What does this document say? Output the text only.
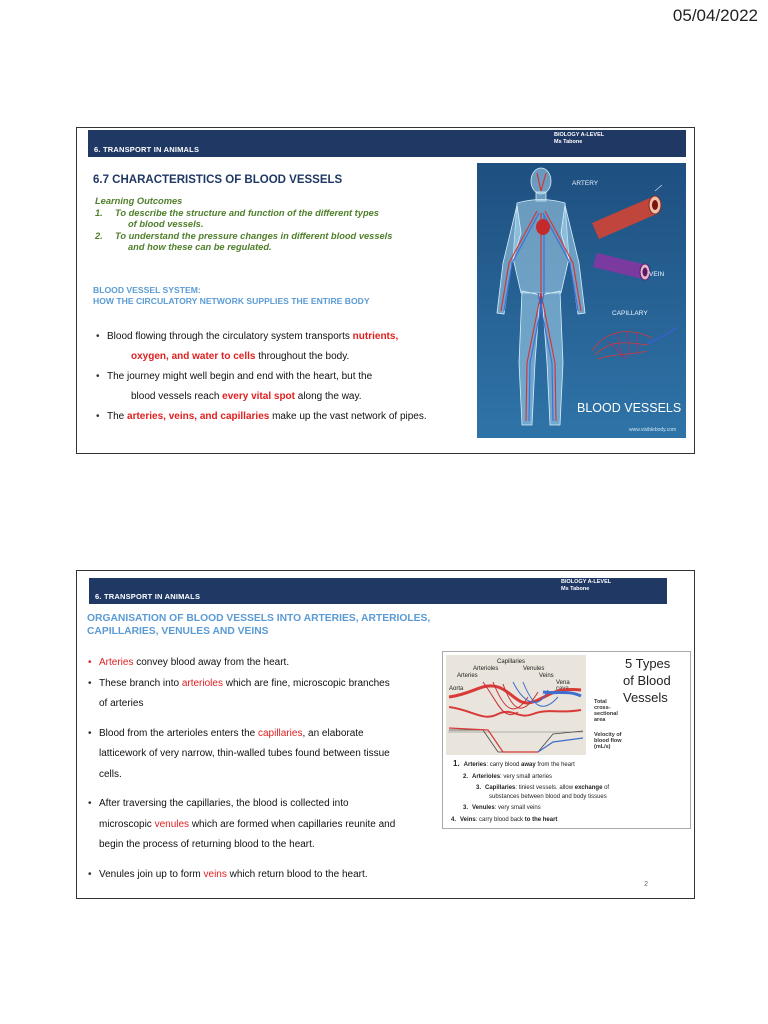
05/04/2022
6. TRANSPORT IN ANIMALS
BIOLOGY A-LEVEL
Ms Tabone
6.7 CHARACTERISTICS OF BLOOD VESSELS
Learning Outcomes
1.	To describe the structure and function of the different types
of blood vessels.
2.	To understand the pressure changes in different blood vessels
and how these can be regulated.
BLOOD VESSEL SYSTEM:
HOW THE CIRCULATORY NETWORK SUPPLIES THE ENTIRE BODY
• Blood flowing through the circulatory system transports nutrients,
oxygen, and water to cells throughout the body.
• The journey might well begin and end with the heart, but the
blood vessels reach every vital spot along the way.
• The arteries, veins, and capillaries make up the vast network of pipes.
ARTERY
VEIN
CAPILLARY
BLOOD VESSELS
www.visiblebody.com
6. TRANSPORT IN ANIMALS
BIOLOGY A-LEVEL
Ms Tabone
ORGANISATION OF BLOOD VESSELS INTO ARTERIES, ARTERIOLES,
CAPILLARIES, VENULES AND VEINS
• Arteries convey blood away from the heart.
• These branch into arterioles which are fine, microscopic branches
of arteries
• Blood from the arterioles enters the capillaries, an elaborate
latticework of very narrow, thin-walled tubes found between tissue
cells.
• After traversing the capillaries, the blood is collected into
microscopic venules which are formed when capillaries reunite and
begin the process of returning blood to the heart.
• Venules join up to form veins which return blood to the heart.
Capillaries
Arterioles	Venules
Arteries	Veins
Aorta
Vena
cava
Total
cross-
sectional
area
Velocity of
blood flow
(mL/s)
5 Types
of Blood
Vessels
1. Arteries: carry blood away from the heart
2. Arterioles: very small arteries
3. Capillaries: tiniest vessels. allow exchange of
substances between blood and body tissues
3. Venules: very small veins
4. Veins: carry blood back to the heart
2
